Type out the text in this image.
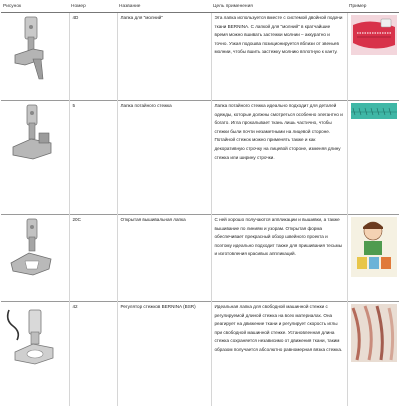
Рисунок	Номер	Название	Цель применения	Пример

	4D	Лапка для "молний"	Эта лапка используется вместе с системой двойной подачи ткани BERNINA. С лапкой для "молний" в кратчайшие время можно вшивать застежки молнии – аккуратно и точно. Узкая подошва позиционируется вблизи от звеньев молнии, чтобы вшить застежку молнию вплотную к канту.	

	5	Лапка потайного стежка	Лапка потайного стежка идеально подходит для деталей одежды, которые должны смотреться особенно элегантно и богато. Игла прокалывает ткань лишь частично, чтобы стежки были почти незаметными на лицевой стороне. Потайной стежок можно применять также и как декоративную строчку на лицевой стороне, изменяя длину стежка или ширину строчки.	

	20C	Открытая вышивальная лапка	С ней хорошо получаются аппликации и вышивки, а также вышивание по линиям и узорам. Открытая форма обеспечивает прекрасный обзор швейного проекта и поэтому идеально подходит также для пришивания тесьмы и изготовления красивых аппликаций.	

	42	Регулятор стежков BERNINA (BSR)	Идеальная лапка для свободной машинной стежки с регулируемой длиной стежка на всех материалах. Она реагирует на движение ткани и регулирует скорость иглы при свободной машинной стежке. Установленная длина стежка сохраняется независимо от движения ткани, таким образом получается абсолютно равномерная вязка стежка.	
